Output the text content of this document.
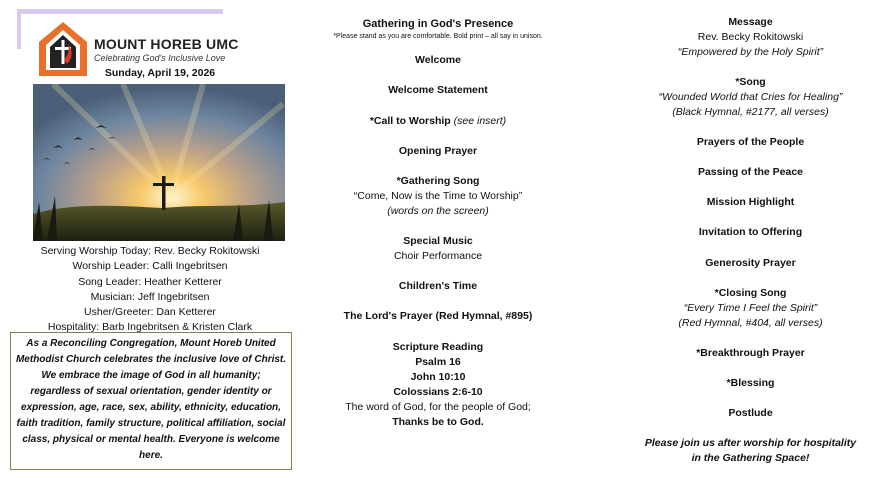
MOUNT HOREB UMC
Celebrating God's Inclusive Love
Sunday, April 19, 2026
Serving Worship Today: Rev. Becky Rokitowski
Worship Leader: Calli Ingebritsen
Song Leader: Heather Ketterer
Musician: Jeff Ingebritsen
Usher/Greeter: Dan Ketterer
Hospitality: Barb Ingebritsen & Kristen Clark
As a Reconciling Congregation, Mount Horeb United Methodist Church celebrates the inclusive love of Christ. We embrace the image of God in all humanity; regardless of sexual orientation, gender identity or expression, age, race, sex, ability, ethnicity, education, faith tradition, family structure, political affiliation, social class, physical or mental health. Everyone is welcome here.
Gathering in God's Presence
*Please stand as you are comfortable. Bold print – all say in unison.
Welcome
Welcome Statement
*Call to Worship (see insert)
Opening Prayer
*Gathering Song
“Come, Now is the Time to Worship”
(words on the screen)
Special Music
Choir Performance
Children's Time
The Lord's Prayer (Red Hymnal, #895)
Scripture Reading
Psalm 16
John 10:10
Colossians 2:6-10
The word of God, for the people of God;
Thanks be to God.
Message
Rev. Becky Rokitowski
“Empowered by the Holy Spirit”
*Song
“Wounded World that Cries for Healing”
(Black Hymnal, #2177, all verses)
Prayers of the People
Passing of the Peace
Mission Highlight
Invitation to Offering
Generosity Prayer
*Closing Song
“Every Time I Feel the Spirit”
(Red Hymnal, #404, all verses)
*Breakthrough Prayer
*Blessing
Postlude
Please join us after worship for hospitality
in the Gathering Space!
